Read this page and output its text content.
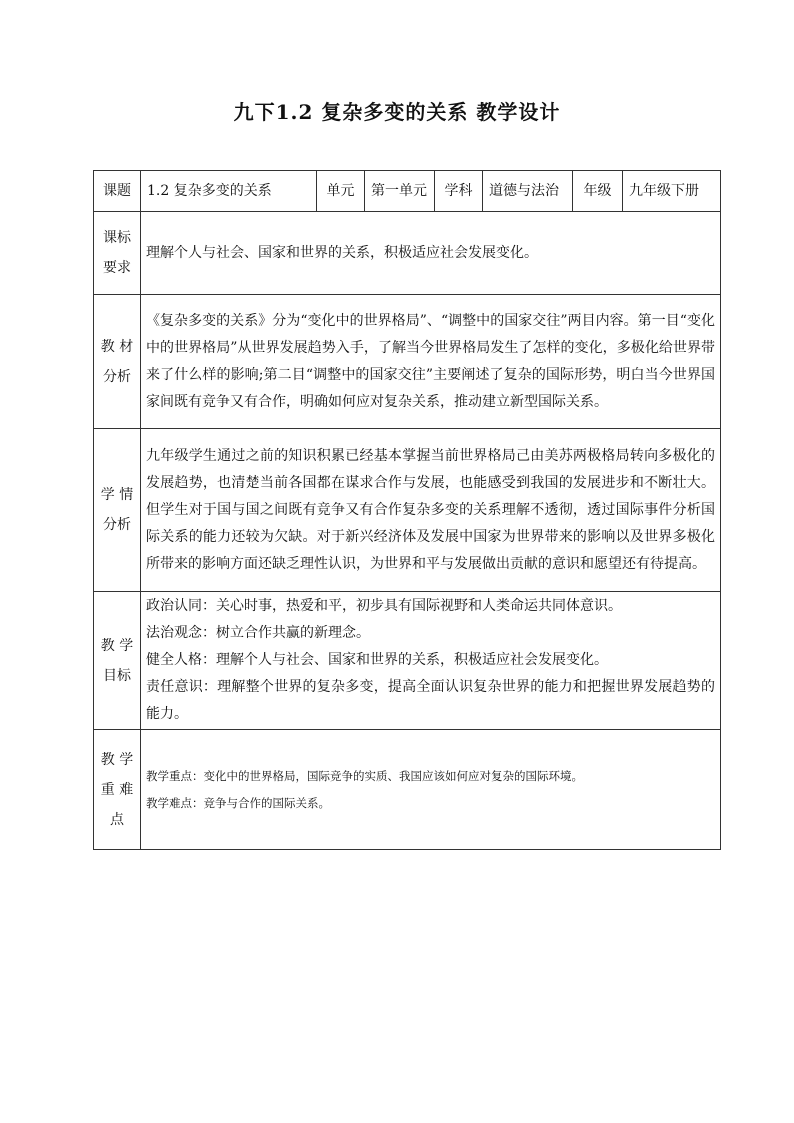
九下1.2 复杂多变的关系 教学设计
课题	1.2 复杂多变的关系	单元	第一单元	学科	道德与法治	年级	九年级下册

课标
要求	理解个人与社会、国家和世界的关系，积极适应社会发展变化。						

教 材
分析	《复杂多变的关系》分为“变化中的世界格局”、“调整中的国家交往”两目内容。第一目“变化中的世界格局”从世界发展趋势入手，了解当今世界格局发生了怎样的变化，多极化给世界带来了什么样的影响;第二目“调整中的国家交往”主要阐述了复杂的国际形势，明白当今世界国家间既有竞争又有合作，明确如何应对复杂关系，推动建立新型国际关系。						

学 情
分析	九年级学生通过之前的知识积累已经基本掌握当前世界格局己由美苏两极格局转向多极化的发展趋势，也清楚当前各国都在谋求合作与发展，也能感受到我国的发展进步和不断壮大。但学生对于国与国之间既有竞争又有合作复杂多变的关系理解不透彻，透过国际事件分析国际关系的能力还较为欠缺。对于新兴经济体及发展中国家为世界带来的影响以及世界多极化所带来的影响方面还缺乏理性认识，为世界和平与发展做出贡献的意识和愿望还有待提高。						

教 学
目标	政治认同：关心时事，热爱和平，初步具有国际视野和人类命运共同体意识。
法治观念：树立合作共赢的新理念。
健全人格：理解个人与社会、国家和世界的关系，积极适应社会发展变化。
责任意识：理解整个世界的复杂多变，提高全面认识复杂世界的能力和把握世界发展趋势的能力。						

教 学
重 难
点	教学重点：变化中的世界格局，国际竞争的实质、我国应该如何应对复杂的国际环境。
教学难点：竞争与合作的国际关系。						
